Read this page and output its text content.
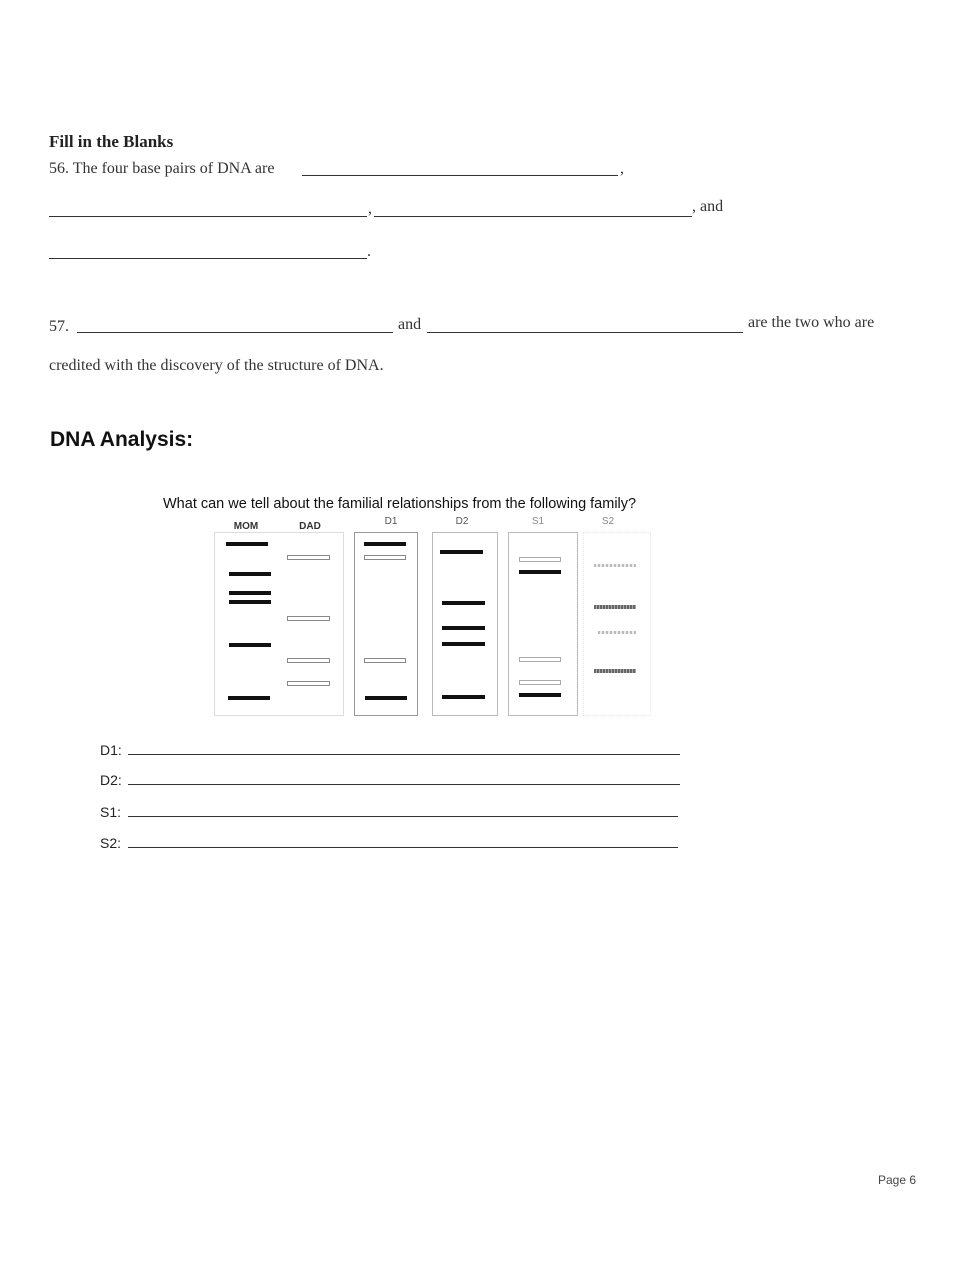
Fill in the Blanks
56. The four base pairs of DNA are	,
,	, and
.
57.	and	are the two who are
credited with the discovery of the structure of DNA.
DNA Analysis:
What can we tell about the familial relationships from the following family?
MOM	DAD	D1	D2	S1	S2
D1:
D2:
S1:
S2:
Page 6
